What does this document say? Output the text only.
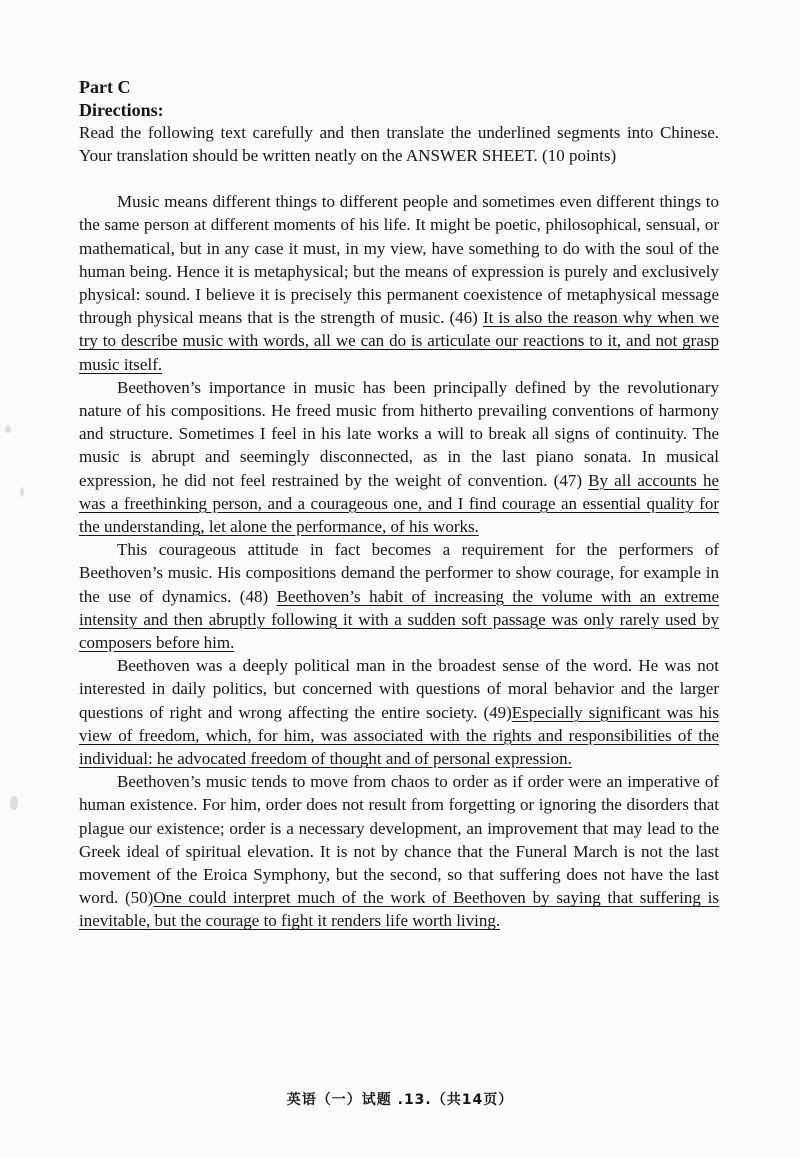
Part C
Directions:
Read the following text carefully and then translate the underlined segments into Chinese. Your translation should be written neatly on the ANSWER SHEET. (10 points)

Music means different things to different people and sometimes even different things to the same person at different moments of his life. It might be poetic, philosophical, sensual, or mathematical, but in any case it must, in my view, have something to do with the soul of the human being. Hence it is metaphysical; but the means of expression is purely and exclusively physical: sound. I believe it is precisely this permanent coexistence of metaphysical message through physical means that is the strength of music. (46) It is also the reason why when we try to describe music with words, all we can do is articulate our reactions to it, and not grasp music itself.

Beethoven’s importance in music has been principally defined by the revolutionary nature of his compositions. He freed music from hitherto prevailing conventions of harmony and structure. Sometimes I feel in his late works a will to break all signs of continuity. The music is abrupt and seemingly disconnected, as in the last piano sonata. In musical expression, he did not feel restrained by the weight of convention. (47) By all accounts he was a freethinking person, and a courageous one, and I find courage an essential quality for the understanding, let alone the performance, of his works.

This courageous attitude in fact becomes a requirement for the performers of Beethoven’s music. His compositions demand the performer to show courage, for example in the use of dynamics. (48) Beethoven’s habit of increasing the volume with an extreme intensity and then abruptly following it with a sudden soft passage was only rarely used by composers before him.

Beethoven was a deeply political man in the broadest sense of the word. He was not interested in daily politics, but concerned with questions of moral behavior and the larger questions of right and wrong affecting the entire society. (49)Especially significant was his view of freedom, which, for him, was associated with the rights and responsibilities of the individual: he advocated freedom of thought and of personal expression.

Beethoven’s music tends to move from chaos to order as if order were an imperative of human existence. For him, order does not result from forgetting or ignoring the disorders that plague our existence; order is a necessary development, an improvement that may lead to the Greek ideal of spiritual elevation. It is not by chance that the Funeral March is not the last movement of the Eroica Symphony, but the second, so that suffering does not have the last word. (50)One could interpret much of the work of Beethoven by saying that suffering is inevitable, but the courage to fight it renders life worth living.

英语（一）试题 .13.（共14页）
